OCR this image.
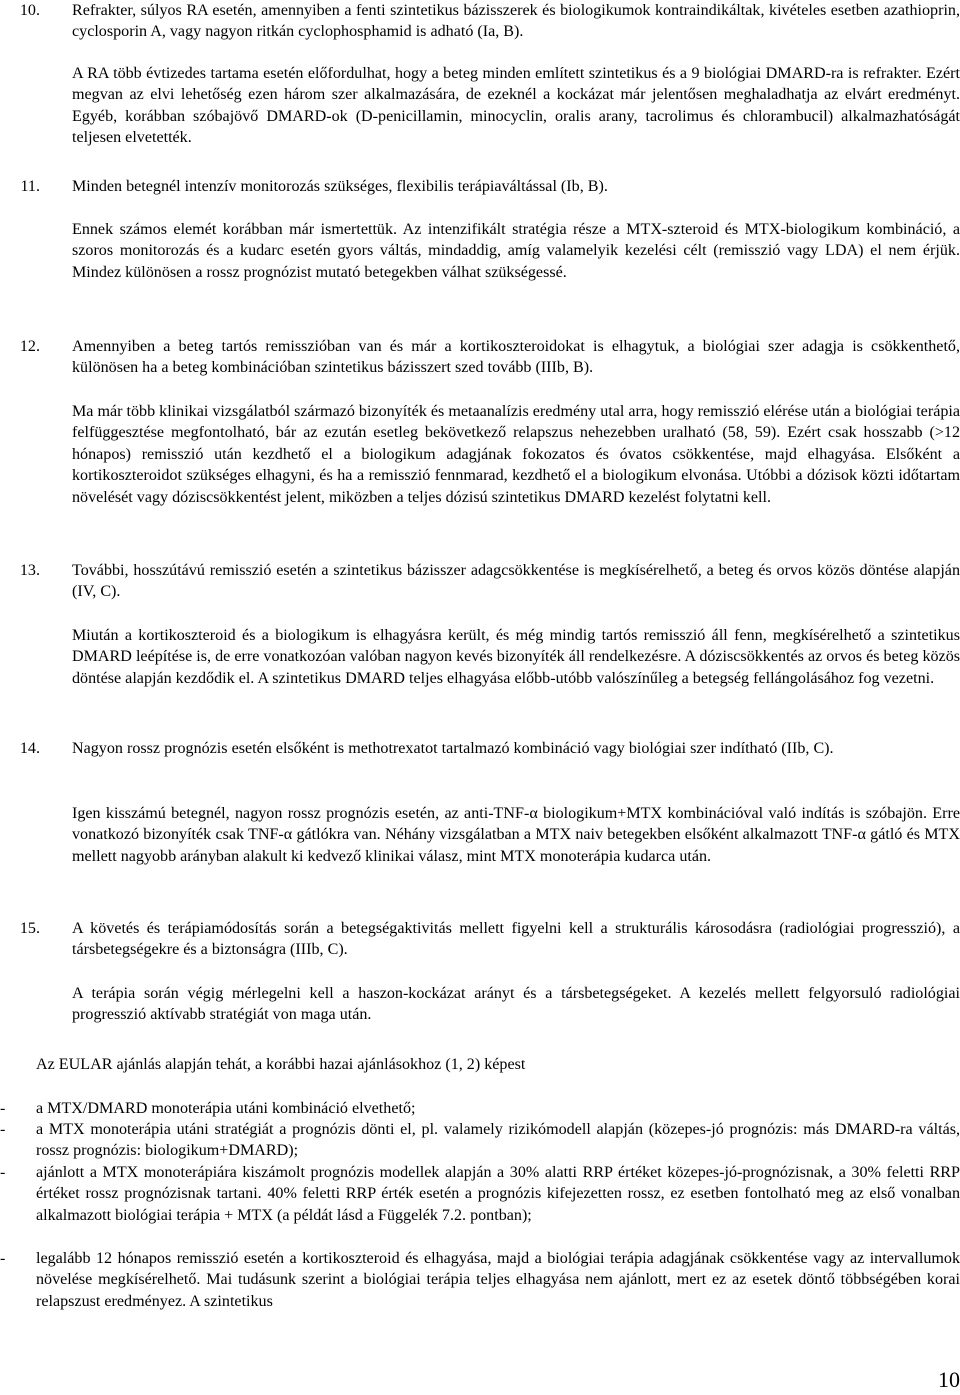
10. Refrakter, súlyos RA esetén, amennyiben a fenti szintetikus bázisszerek és biologikumok kontraindikáltak, kivételes esetben azathioprin, cyclosporin A, vagy nagyon ritkán cyclophosphamid is adható (Ia, B).
A RA több évtizedes tartama esetén előfordulhat, hogy a beteg minden említett szintetikus és a 9 biológiai DMARD-ra is refrakter. Ezért megvan az elvi lehetőség ezen három szer alkalmazására, de ezeknél a kockázat már jelentősen meghaladhatja az elvárt eredményt. Egyéb, korábban szóbajövő DMARD-ok (D-penicillamin, minocyclin, oralis arany, tacrolimus és chlorambucil) alkalmazhatóságát teljesen elvetették.
11. Minden betegnél intenzív monitorozás szükséges, flexibilis terápiaváltással (Ib, B).
Ennek számos elemét korábban már ismertettük. Az intenzifikált stratégia része a MTX-szteroid és MTX-biologikum kombináció, a szoros monitorozás és a kudarc esetén gyors váltás, mindaddig, amíg valamelyik kezelési célt (remisszió vagy LDA) el nem érjük. Mindez különösen a rossz prognózist mutató betegekben válhat szükségessé.
12. Amennyiben a beteg tartós remisszióban van és már a kortikoszteroidokat is elhagytuk, a biológiai szer adagja is csökkenthető, különösen ha a beteg kombinációban szintetikus bázisszert szed tovább (IIIb, B).
Ma már több klinikai vizsgálatból származó bizonyíték és metaanalízis eredmény utal arra, hogy remisszió elérése után a biológiai terápia felfüggesztése megfontolható, bár az ezután esetleg bekövetkező relapszus nehezebben uralható (58, 59). Ezért csak hosszabb (>12 hónapos) remisszió után kezdhető el a biologikum adagjának fokozatos és óvatos csökkentése, majd elhagyása. Elsőként a kortikoszteroidot szükséges elhagyni, és ha a remisszió fennmarad, kezdhető el a biologikum elvonása. Utóbbi a dózisok közti időtartam növelését vagy dóziscsökkentést jelent, miközben a teljes dózisú szintetikus DMARD kezelést folytatni kell.
13. További, hosszútávú remisszió esetén a szintetikus bázisszer adagcsökkentése is megkísérelhető, a beteg és orvos közös döntése alapján (IV, C).
Miután a kortikoszteroid és a biologikum is elhagyásra került, és még mindig tartós remisszió áll fenn, megkísérelhető a szintetikus DMARD leépítése is, de erre vonatkozóan valóban nagyon kevés bizonyíték áll rendelkezésre. A dóziscsökkentés az orvos és beteg közös döntése alapján kezdődik el. A szintetikus DMARD teljes elhagyása előbb-utóbb valószínűleg a betegség fellángolásához fog vezetni.
14. Nagyon rossz prognózis esetén elsőként is methotrexatot tartalmazó kombináció vagy biológiai szer indítható (IIb, C).
Igen kisszámú betegnél, nagyon rossz prognózis esetén, az anti-TNF-α biologikum+MTX kombinációval való indítás is szóbajön. Erre vonatkozó bizonyíték csak TNF-α gátlókra van. Néhány vizsgálatban a MTX naiv betegekben elsőként alkalmazott TNF-α gátló és MTX mellett nagyobb arányban alakult ki kedvező klinikai válasz, mint MTX monoterápia kudarca után.
15. A követés és terápiamódosítás során a betegségaktivitás mellett figyelni kell a strukturális károsodásra (radiológiai progresszió), a társbetegségekre és a biztonságra (IIIb, C).
A terápia során végig mérlegelni kell a haszon-kockázat arányt és a társbetegségeket. A kezelés mellett felgyorsuló radiológiai progresszió aktívabb stratégiát von maga után.
Az EULAR ajánlás alapján tehát, a korábbi hazai ajánlásokhoz (1, 2) képest
- a MTX/DMARD monoterápia utáni kombináció elvethető;
- a MTX monoterápia utáni stratégiát a prognózis dönti el, pl. valamely rizikómodell alapján (közepes-jó prognózis: más DMARD-ra váltás, rossz prognózis: biologikum+DMARD);
- ajánlott a MTX monoterápiára kiszámolt prognózis modellek alapján a 30% alatti RRP értéket közepes-jó-prognózisnak, a 30% feletti RRP értéket rossz prognózisnak tartani. 40% feletti RRP érték esetén a prognózis kifejezetten rossz, ez esetben fontolható meg az első vonalban alkalmazott biológiai terápia + MTX (a példát lásd a Függelék 7.2. pontban);
- legalább 12 hónapos remisszió esetén a kortikoszteroid és elhagyása, majd a biológiai terápia adagjának csökkentése vagy az intervallumok növelése megkísérelhető. Mai tudásunk szerint a biológiai terápia teljes elhagyása nem ajánlott, mert ez az esetek döntő többségében korai relapszust eredményez. A szintetikus
10
